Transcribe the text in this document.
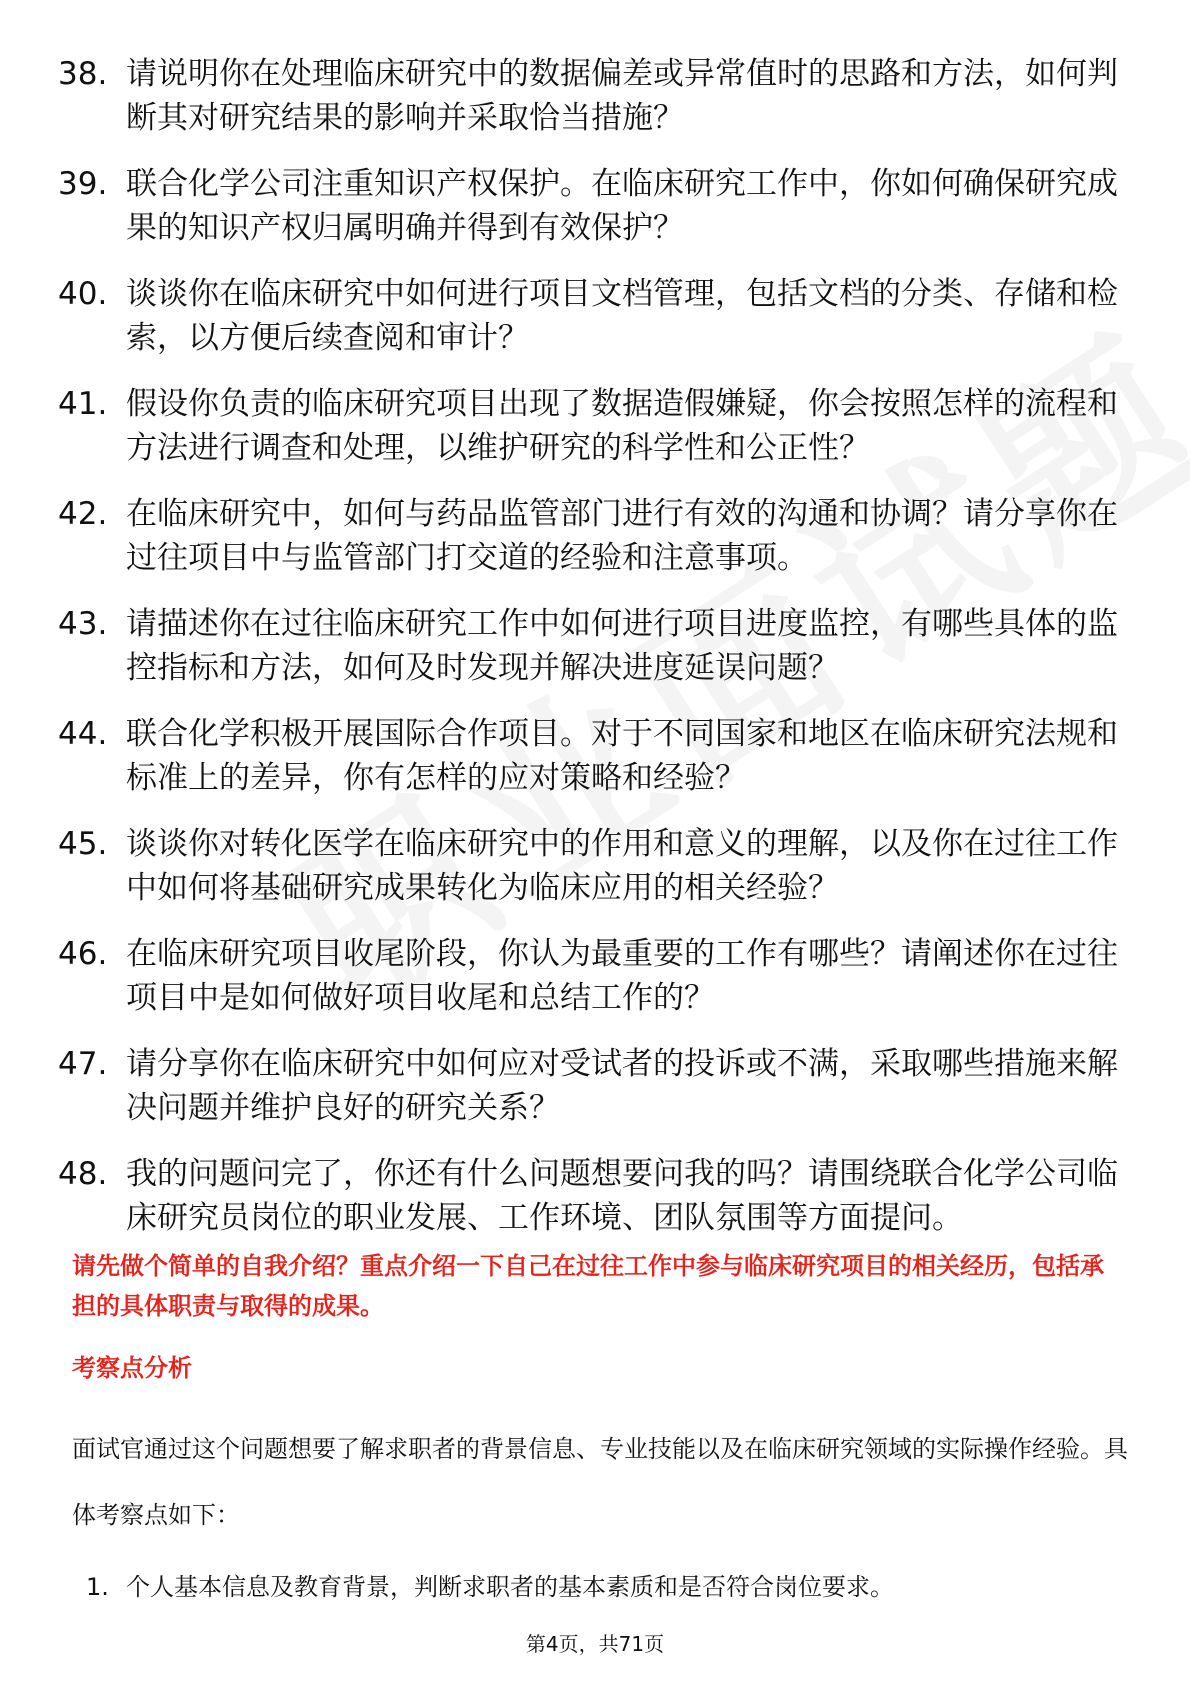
38. 请说明你在处理临床研究中的数据偏差或异常值时的思路和方法，如何判断其对研究结果的影响并采取恰当措施？
39. 联合化学公司注重知识产权保护。在临床研究工作中，你如何确保研究成果的知识产权归属明确并得到有效保护？
40. 谈谈你在临床研究中如何进行项目文档管理，包括文档的分类、存储和检索，以方便后续查阅和审计？
41. 假设你负责的临床研究项目出现了数据造假嫌疑，你会按照怎样的流程和方法进行调查和处理，以维护研究的科学性和公正性？
42. 在临床研究中，如何与药品监管部门进行有效的沟通和协调？请分享你在过往项目中与监管部门打交道的经验和注意事项。
43. 请描述你在过往临床研究工作中如何进行项目进度监控，有哪些具体的监控指标和方法，如何及时发现并解决进度延误问题？
44. 联合化学积极开展国际合作项目。对于不同国家和地区在临床研究法规和标准上的差异，你有怎样的应对策略和经验？
45. 谈谈你对转化医学在临床研究中的作用和意义的理解，以及你在过往工作中如何将基础研究成果转化为临床应用的相关经验？
46. 在临床研究项目收尾阶段，你认为最重要的工作有哪些？请阐述你在过往项目中是如何做好项目收尾和总结工作的？
47. 请分享你在临床研究中如何应对受试者的投诉或不满，采取哪些措施来解决问题并维护良好的研究关系？
48. 我的问题问完了，你还有什么问题想要问我的吗？请围绕联合化学公司临床研究员岗位的职业发展、工作环境、团队氛围等方面提问。

请先做个简单的自我介绍？重点介绍一下自己在过往工作中参与临床研究项目的相关经历，包括承担的具体职责与取得的成果。

考察点分析

面试官通过这个问题想要了解求职者的背景信息、专业技能以及在临床研究领域的实际操作经验。具体考察点如下：

1. 个人基本信息及教育背景，判断求职者的基本素质和是否符合岗位要求。
第4页，共71页
